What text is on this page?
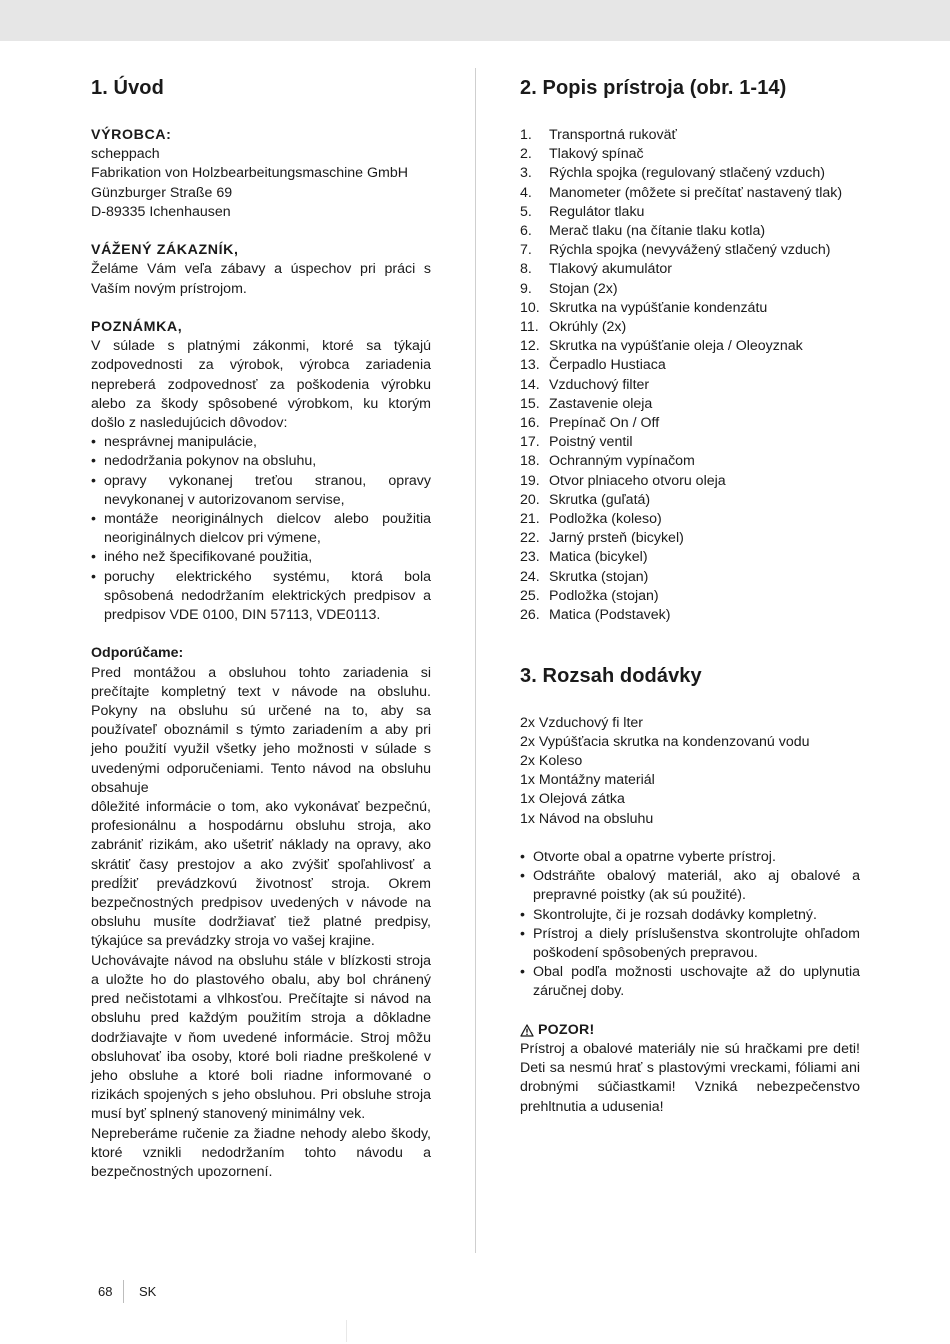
1. Úvod
VÝROBCA:
scheppach
Fabrikation von Holzbearbeitungsmaschine GmbH
Günzburger Straße 69
D-89335 Ichenhausen
VÁŽENÝ ZÁKAZNÍK,

Želáme Vám veľa zábavy a úspechov pri práci s Vaším novým prístrojom.

POZNÁMKA,

V súlade s platnými zákonmi, ktoré sa týkajú zodpovednosti za výrobok, výrobca zariadenia nepreberá zodpovednosť za poškodenia výrobku alebo za škody spôsobené výrobkom, ku ktorým došlo z nasledujúcich dôvodov:

• nesprávnej manipulácie,
• nedodržania pokynov na obsluhu,
• opravy vykonanej treťou stranou, opravy nevykonanej v autorizovanom servise,
• montáže neoriginálnych dielcov alebo použitia neoriginálnych dielcov pri výmene,
• iného než špecifikované použitia,
• poruchy elektrického systému, ktorá bola spôsobená nedodržaním elektrických predpisov a predpisov VDE 0100, DIN 57113, VDE0113.
Odporúčame:

Pred montážou a obsluhou tohto zariadenia si prečítajte kompletný text v návode na obsluhu. Pokyny na obsluhu sú určené na to, aby sa používateľ oboznámil s týmto zariadením a aby pri jeho použití využil všetky jeho možnosti v súlade s uvedenými odporučeniami. Tento návod na obsluhu obsahuje

dôležité informácie o tom, ako vykonávať bezpečnú, profesionálnu a hospodárnu obsluhu stroja, ako zabrániť rizikám, ako ušetriť náklady na opravy, ako skrátiť časy prestojov a ako zvýšiť spoľahlivosť a predĺžiť prevádzkovú životnosť stroja. Okrem bezpečnostných predpisov uvedených v návode na obsluhu musíte dodržiavať tiež platné predpisy, týkajúce sa prevádzky stroja vo vašej krajine.

Uchovávajte návod na obsluhu stále v blízkosti stroja a uložte ho do plastového obalu, aby bol chránený pred nečistotami a vlhkosťou. Prečítajte si návod na obsluhu pred každým použitím stroja a dôkladne dodržiavajte v ňom uvedené informácie. Stroj môžu obsluhovať iba osoby, ktoré boli riadne preškolené v jeho obsluhe a ktoré boli riadne informované o rizikách spojených s jeho obsluhou. Pri obsluhe stroja musí byť splnený stanovený minimálny vek.

Nepreberáme ručenie za žiadne nehody alebo škody, ktoré vznikli nedodržaním tohto návodu a bezpečnostných upozornení.

2. Popis prístroja (obr. 1-14)
1.	Transportná rukoväť
2.	Tlakový spínač
3.	Rýchla spojka (regulovaný stlačený vzduch)
4.	Manometer (môžete si prečítať nastavený tlak)
5.	Regulátor tlaku
6.	Merač tlaku (na čítanie tlaku kotla)
7.	Rýchla spojka (nevyvážený stlačený vzduch)
8.	Tlakový akumulátor
9.	Stojan (2x)
10. Skrutka na vypúšťanie kondenzátu
11. Okrúhly (2x)
12. Skrutka na vypúšťanie oleja / Oleoyznak
13. Čerpadlo Hustiaca
14. Vzduchový filter
15. Zastavenie oleja
16. Prepínač On / Off
17. Poistný ventil
18. Ochranným vypínačom
19. Otvor plniaceho otvoru oleja
20. Skrutka (guľatá)
21. Podložka (koleso)
22. Jarný prsteň (bicykel)
23. Matica (bicykel)
24. Skrutka (stojan)
25. Podložka (stojan)
26. Matica (Podstavek)
3. Rozsah dodávky
2x Vzduchový fi lter
2x Vypúšťacia skrutka na kondenzovanú vodu
2x Koleso
1x Montážny materiál
1x Olejová zátka
1x Návod na obsluhu
• Otvorte obal a opatrne vyberte prístroj.
• Odstráňte obalový materiál, ako aj obalové a prepravné poistky (ak sú použité).
• Skontrolujte, či je rozsah dodávky kompletný.
• Prístroj a diely príslušenstva skontrolujte ohľadom poškodení spôsobených prepravou.
• Obal podľa možnosti uschovajte až do uplynutia záručnej doby.
POZOR!

Prístroj a obalové materiály nie sú hračkami pre deti! Deti sa nesmú hrať s plastovými vreckami, fóliami ani drobnými súčiastkami! Vzniká nebezpečenstvo prehltnutia a udusenia!

68 SK
